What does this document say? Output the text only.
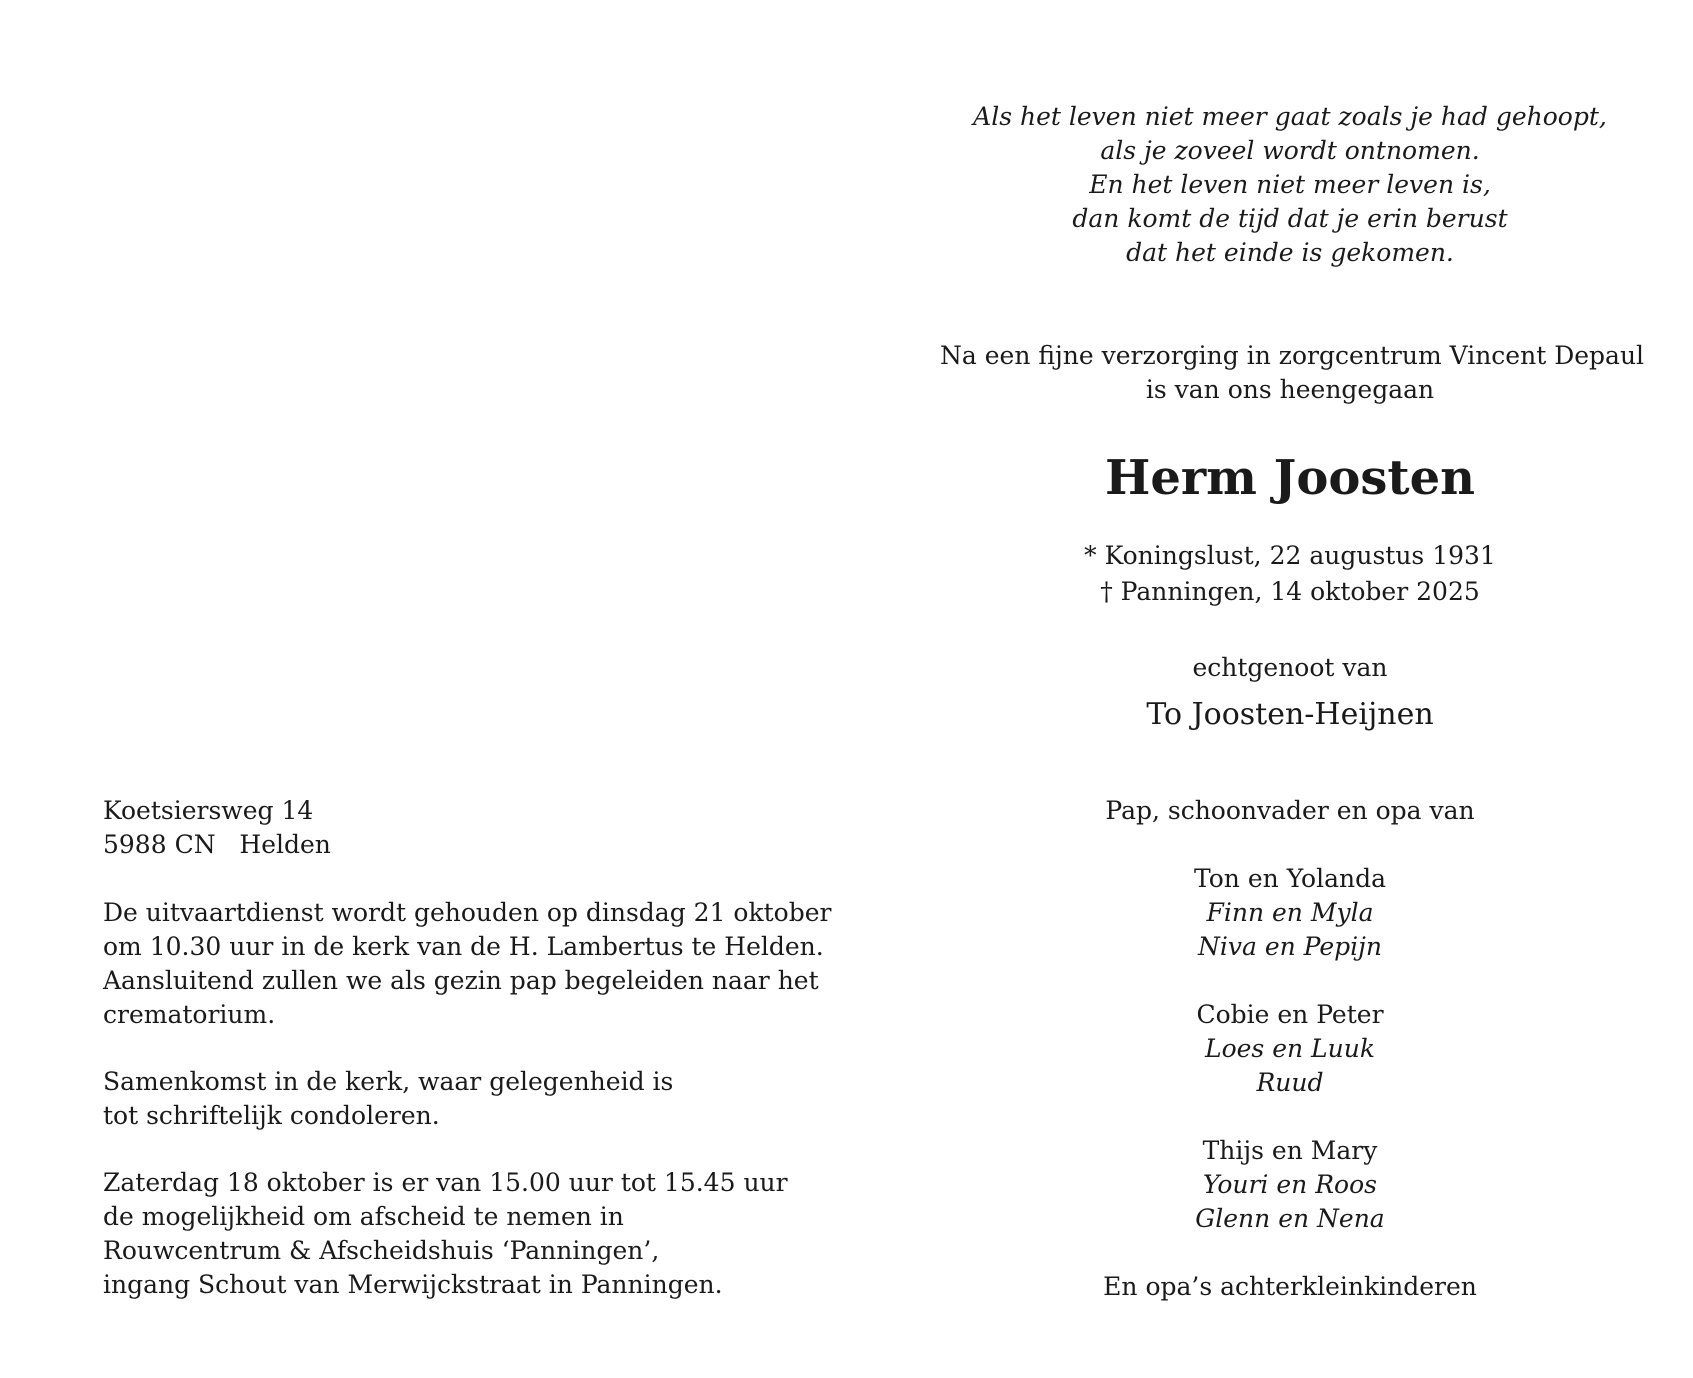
Als het leven niet meer gaat zoals je had gehoopt,
als je zoveel wordt ontnomen.
En het leven niet meer leven is,
dan komt de tijd dat je erin berust
dat het einde is gekomen.
Na een fijne verzorging in zorgcentrum Vincent Depaul
is van ons heengegaan
Herm Joosten
* Koningslust, 22 augustus 1931
† Panningen, 14 oktober 2025
echtgenoot van
To Joosten-Heijnen
Pap, schoonvader en opa van
Ton en Yolanda
Finn en Myla
Niva en Pepijn
Cobie en Peter
Loes en Luuk
Ruud
Thijs en Mary
Youri en Roos
Glenn en Nena
En opa’s achterkleinkinderen
Koetsiersweg 14
5988 CN   Helden
De uitvaartdienst wordt gehouden op dinsdag 21 oktober
om 10.30 uur in de kerk van de H. Lambertus te Helden.
Aansluitend zullen we als gezin pap begeleiden naar het
crematorium.
Samenkomst in de kerk, waar gelegenheid is
tot schriftelijk condoleren.
Zaterdag 18 oktober is er van 15.00 uur tot 15.45 uur
de mogelijkheid om afscheid te nemen in
Rouwcentrum & Afscheidshuis ‘Panningen’,
ingang Schout van Merwijckstraat in Panningen.
